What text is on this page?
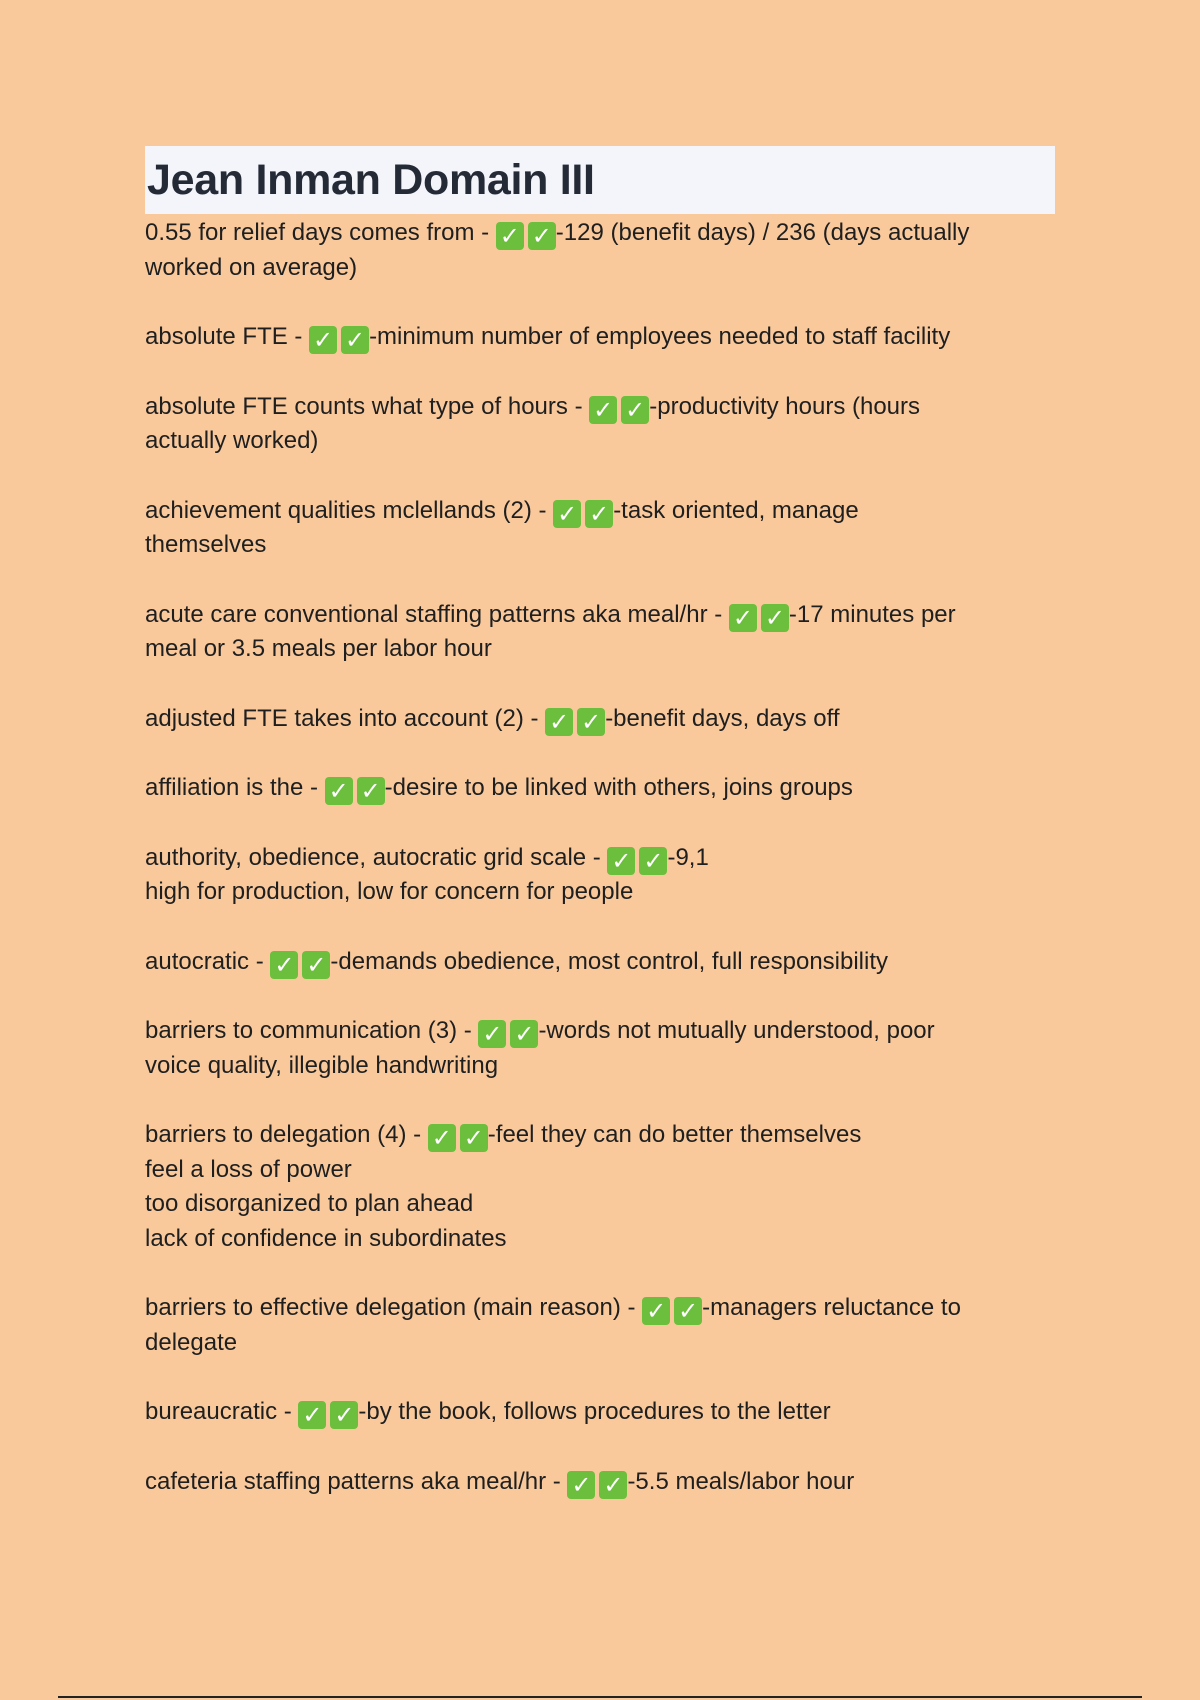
Jean Inman Domain III
0.55 for relief days comes from - ✓ ✓ -129 (benefit days) / 236 (days actually
worked on average)
absolute FTE - ✓ ✓ -minimum number of employees needed to staff facility
absolute FTE counts what type of hours - ✓ ✓ -productivity hours (hours
actually worked)
achievement qualities mclellands (2) - ✓ ✓ -task oriented, manage
themselves
acute care conventional staffing patterns aka meal/hr - ✓ ✓ -17 minutes per
meal or 3.5 meals per labor hour
adjusted FTE takes into account (2) - ✓ ✓ -benefit days, days off
affiliation is the - ✓ ✓ -desire to be linked with others, joins groups
authority, obedience, autocratic grid scale - ✓ ✓ -9,1
high for production, low for concern for people
autocratic - ✓ ✓ -demands obedience, most control, full responsibility
barriers to communication (3) - ✓ ✓ -words not mutually understood, poor
voice quality, illegible handwriting
barriers to delegation (4) - ✓ ✓ -feel they can do better themselves
feel a loss of power
too disorganized to plan ahead
lack of confidence in subordinates
barriers to effective delegation (main reason) - ✓ ✓ -managers reluctance to
delegate
bureaucratic - ✓ ✓ -by the book, follows procedures to the letter
cafeteria staffing patterns aka meal/hr - ✓ ✓ -5.5 meals/labor hour
